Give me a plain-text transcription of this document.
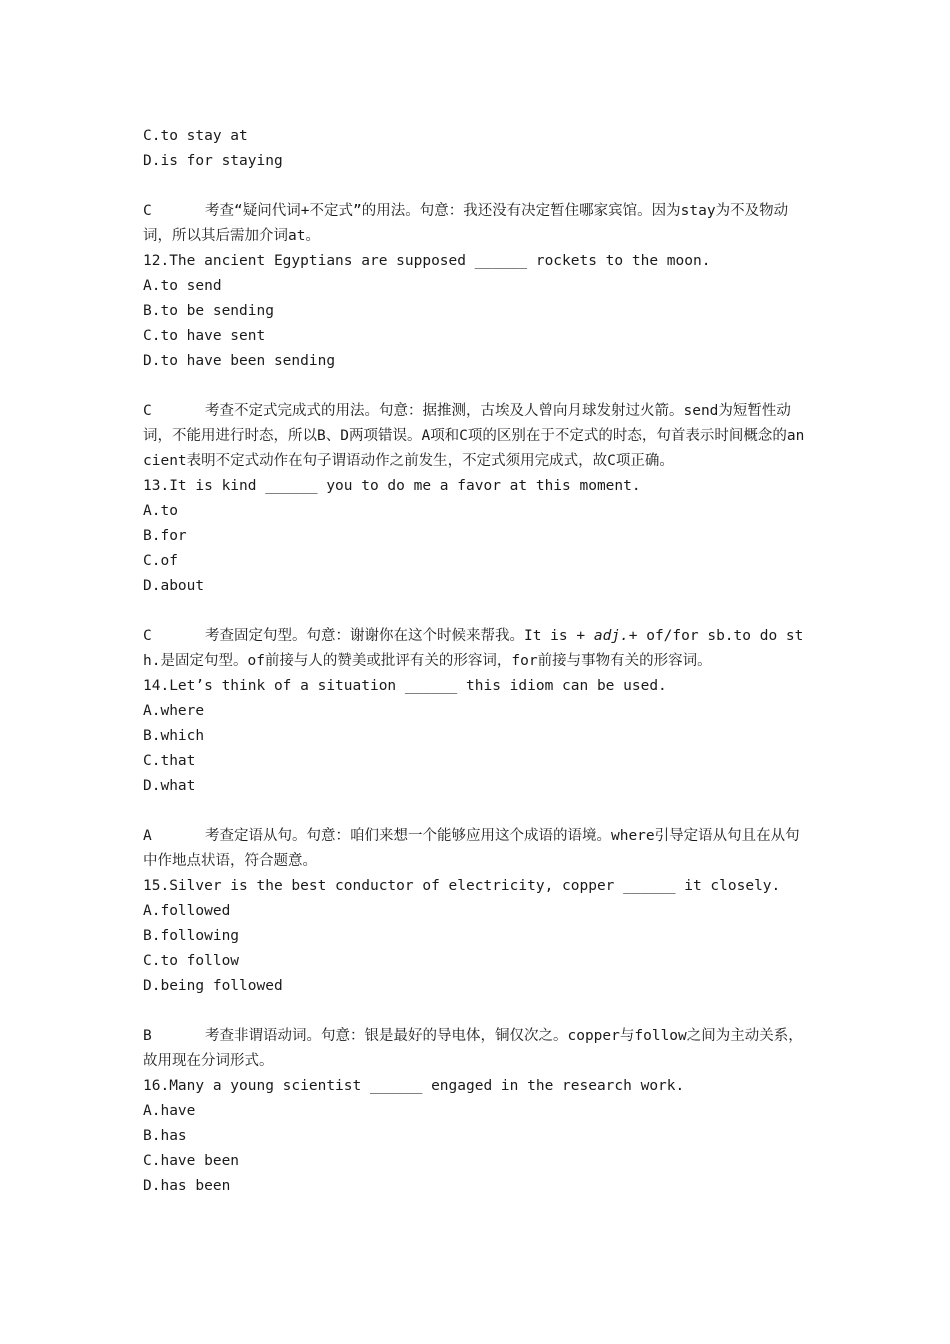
C.to stay at
D.is for staying
C	考查“疑问代词+不定式”的用法。句意：我还没有决定暂住哪家宾馆。因为stay为不及物动词，所以其后需加介词at。
12.The ancient Egyptians are supposed ______ rockets to the moon.
A.to send
B.to be sending
C.to have sent
D.to have been sending
C	考查不定式完成式的用法。句意：据推测，古埃及人曾向月球发射过火箭。send为短暂性动词，不能用进行时态，所以B、D两项错误。A项和C项的区别在于不定式的时态，句首表示时间概念的ancient表明不定式动作在句子谓语动作之前发生，不定式须用完成式，故C项正确。
13.It is kind ______ you to do me a favor at this moment.
A.to
B.for
C.of
D.about
C	考查固定句型。句意：谢谢你在这个时候来帮我。It is + adj.+ of/for sb.to do sth.是固定句型。of前接与人的赞美或批评有关的形容词，for前接与事物有关的形容词。
14.Let’s think of a situation ______ this idiom can be used.
A.where
B.which
C.that
D.what
A	考查定语从句。句意：咱们来想一个能够应用这个成语的语境。where引导定语从句且在从句中作地点状语，符合题意。
15.Silver is the best conductor of electricity, copper ______ it closely.
A.followed
B.following
C.to follow
D.being followed
B	考查非谓语动词。句意：银是最好的导电体，铜仅次之。copper与follow之间为主动关系，故用现在分词形式。
16.Many a young scientist ______ engaged in the research work.
A.have
B.has
C.have been
D.has been
